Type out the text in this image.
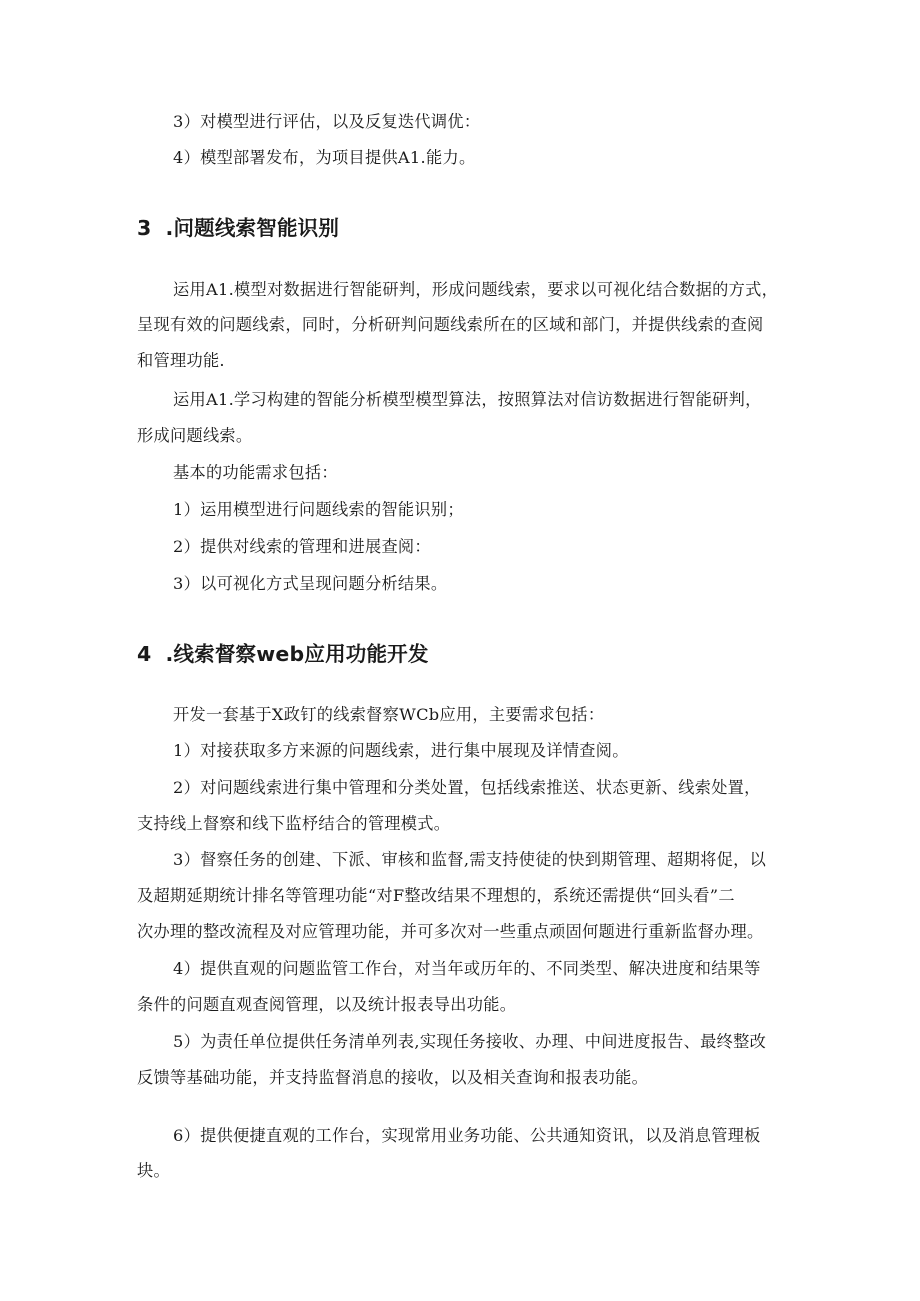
3）对模型进行评估，以及反复迭代调优：
4）模型部署发布，为项目提供A1.能力。
3 .问题线索智能识别
运用A1.模型对数据进行智能研判，形成问题线索，要求以可视化结合数据的方式，
呈现有效的问题线索，同时，分析研判问题线索所在的区域和部门，并提供线索的查阅
和管理功能.
运用A1.学习构建的智能分析模型模型算法，按照算法对信访数据进行智能研判，
形成问题线索。
基本的功能需求包括：
1）运用模型进行问题线索的智能识别；
2）提供对线索的管理和进展查阅：
3）以可视化方式呈现问题分析结果。
4 .线索督察web应用功能开发
开发一套基于X政钉的线索督察WCb应用，主要需求包括：
1）对接获取多方来源的问题线索，进行集中展现及详情查阅。
2）对问题线索进行集中管理和分类处置，包括线索推送、状态更新、线索处置，
支持线上督察和线下监杼结合的管理模式。
3）督察任务的创建、下派、审核和监督,需支持使徒的快到期管理、超期将促，以
及超期延期统计排名等管理功能“对F整改结果不理想的，系统还需提供“回头看”二
次办理的整改流程及对应管理功能，并可多次对一些重点顽固何题进行重新监督办理。
4）提供直观的问题监管工作台，对当年或历年的、不同类型、解决进度和结果等
条件的问题直观查阅管理，以及统计报表导出功能。
5）为责任单位提供任务清单列表,实现任务接收、办理、中间进度报告、最终整改
反馈等基础功能，并支持监督消息的接收，以及相关查询和报表功能。
6）提供便捷直观的工作台，实现常用业务功能、公共通知资讯，以及消息管理板
块。
